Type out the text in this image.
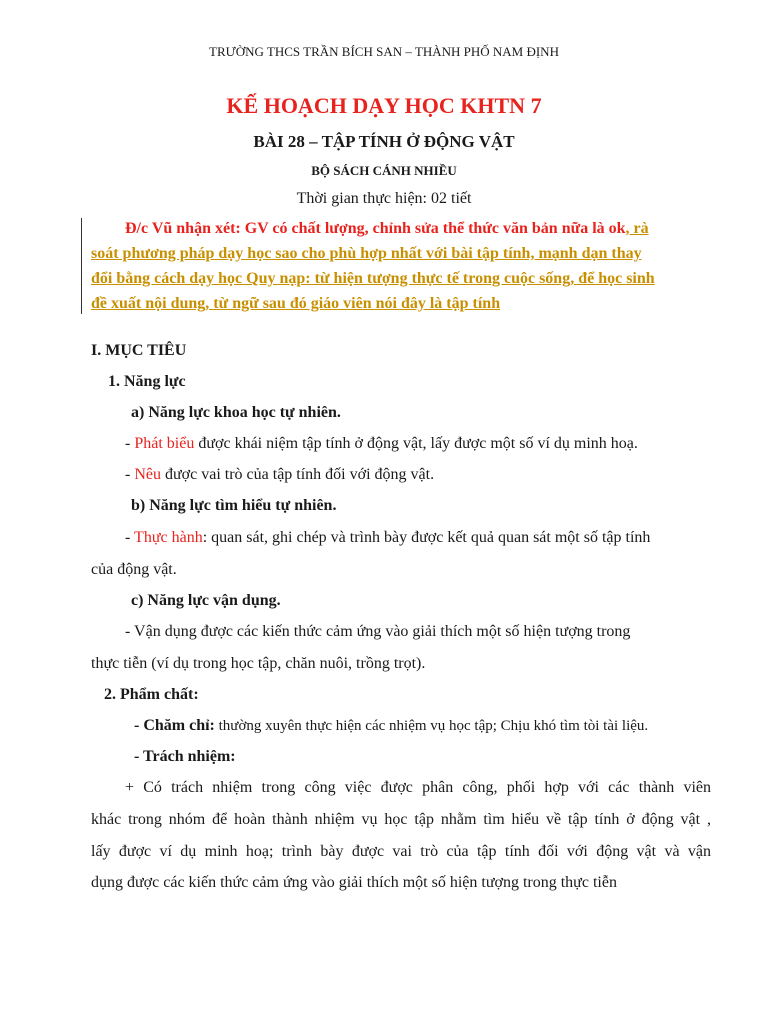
TRƯỜNG THCS TRẦN BÍCH SAN – THÀNH PHỐ NAM ĐỊNH
KẾ HOẠCH DẠY HỌC KHTN 7
BÀI 28 – TẬP TÍNH Ở ĐỘNG VẬT
BỘ SÁCH CÁNH NHIỀU
Thời gian thực hiện: 02 tiết
Đ/c Vũ nhận xét: GV có chất lượng, chỉnh sửa thể thức văn bản nữa là ok, rà
soát phương pháp dạy học sao cho phù hợp nhất với bài tập tính, mạnh dạn thay
đổi bằng cách dạy học Quy nạp: từ hiện tượng thực tế trong cuộc sống, để học sinh
đề xuất nội dung, từ ngữ sau đó giáo viên nói đây là tập tính
I. MỤC TIÊU
1. Năng lực
a) Năng lực khoa học tự nhiên.
- Phát biểu được khái niệm tập tính ở động vật, lấy được một số ví dụ minh hoạ.
- Nêu được vai trò của tập tính đối với động vật.
b) Năng lực tìm hiểu tự nhiên.
- Thực hành: quan sát, ghi chép và trình bày được kết quả quan sát một số tập tính
của động vật.
c) Năng lực vận dụng.
- Vận dụng được các kiến thức cảm ứng vào giải thích một số hiện tượng trong
thực tiễn (ví dụ trong học tập, chăn nuôi, trồng trọt).
2. Phẩm chất:
- Chăm chỉ: thường xuyên thực hiện các nhiệm vụ học tập; Chịu khó tìm tòi tài liệu.
- Trách nhiệm:
+ Có trách nhiệm trong công việc được phân công, phối hợp với các thành viên
khác trong nhóm để hoàn thành nhiệm vụ học tập nhằm tìm hiểu về tập tính ở động vật ,
lấy được ví dụ minh hoạ; trình bày được vai trò của tập tính đối với động vật và vận
dụng được các kiến thức cảm ứng vào giải thích một số hiện tượng trong thực tiễn
